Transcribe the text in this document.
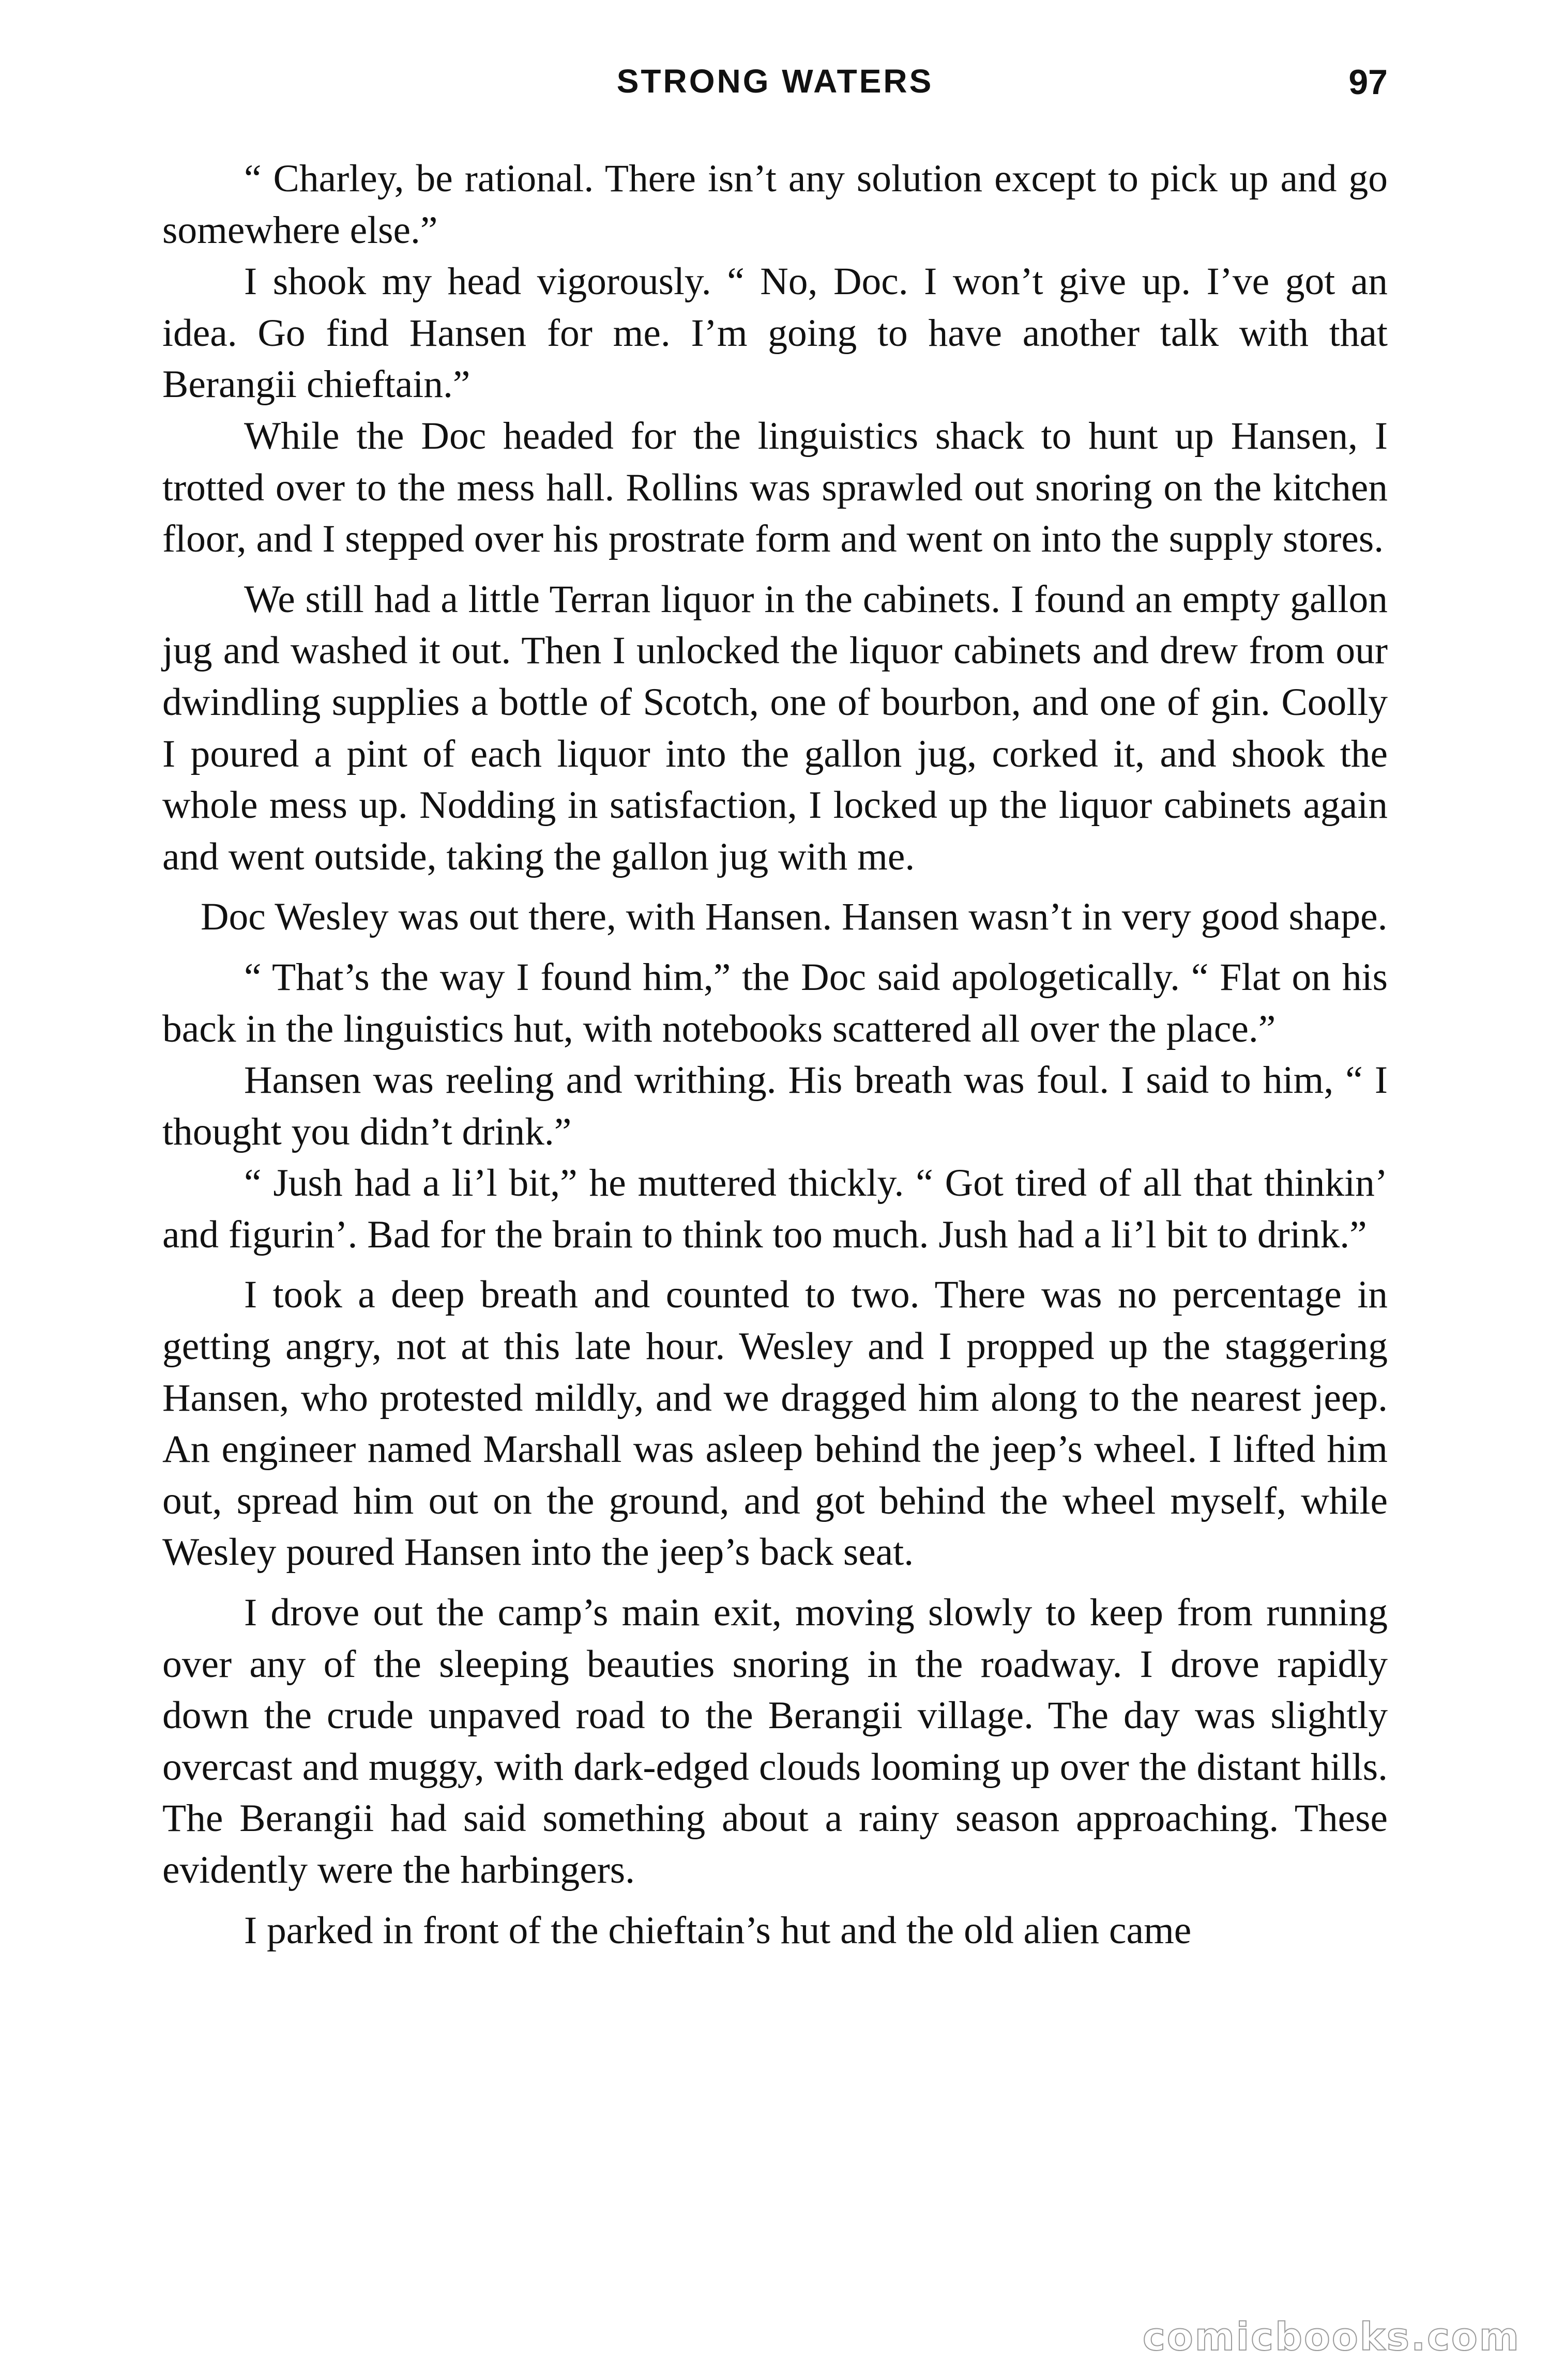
STRONG WATERS	97

“ Charley, be rational. There isn’t any solution except to pick up and go somewhere else.”

I shook my head vigorously. “ No, Doc. I won’t give up. I’ve got an idea. Go find Hansen for me. I’m going to have another talk with that Berangii chieftain.”

While the Doc headed for the linguistics shack to hunt up Hansen, I trotted over to the mess hall. Rollins was sprawled out snoring on the kitchen floor, and I stepped over his prostrate form and went on into the supply stores.

We still had a little Terran liquor in the cabinets. I found an empty gallon jug and washed it out. Then I unlocked the liquor cabinets and drew from our dwindling supplies a bottle of Scotch, one of bourbon, and one of gin. Coolly I poured a pint of each liquor into the gallon jug, corked it, and shook the whole mess up. Nodding in satisfaction, I locked up the liquor cabinets again and went outside, taking the gallon jug with me.

Doc Wesley was out there, with Hansen. Hansen wasn’t in very good shape.

“ That’s the way I found him,” the Doc said apologetically. “ Flat on his back in the linguistics hut, with notebooks scattered all over the place.”

Hansen was reeling and writhing. His breath was foul. I said to him, “ I thought you didn’t drink.”

“ Jush had a li’l bit,” he muttered thickly. “ Got tired of all that thinkin’ and figurin’. Bad for the brain to think too much. Jush had a li’l bit to drink.”

I took a deep breath and counted to two. There was no percentage in getting angry, not at this late hour. Wesley and I propped up the staggering Hansen, who protested mildly, and we dragged him along to the nearest jeep. An engineer named Marshall was asleep behind the jeep’s wheel. I lifted him out, spread him out on the ground, and got behind the wheel myself, while Wesley poured Hansen into the jeep’s back seat.

I drove out the camp’s main exit, moving slowly to keep from running over any of the sleeping beauties snoring in the roadway. I drove rapidly down the crude unpaved road to the Berangii village. The day was slightly overcast and muggy, with dark-edged clouds looming up over the distant hills. The Berangii had said something about a rainy season approaching. These evidently were the harbingers.

I parked in front of the chieftain’s hut and the old alien came

comicbooks.com
